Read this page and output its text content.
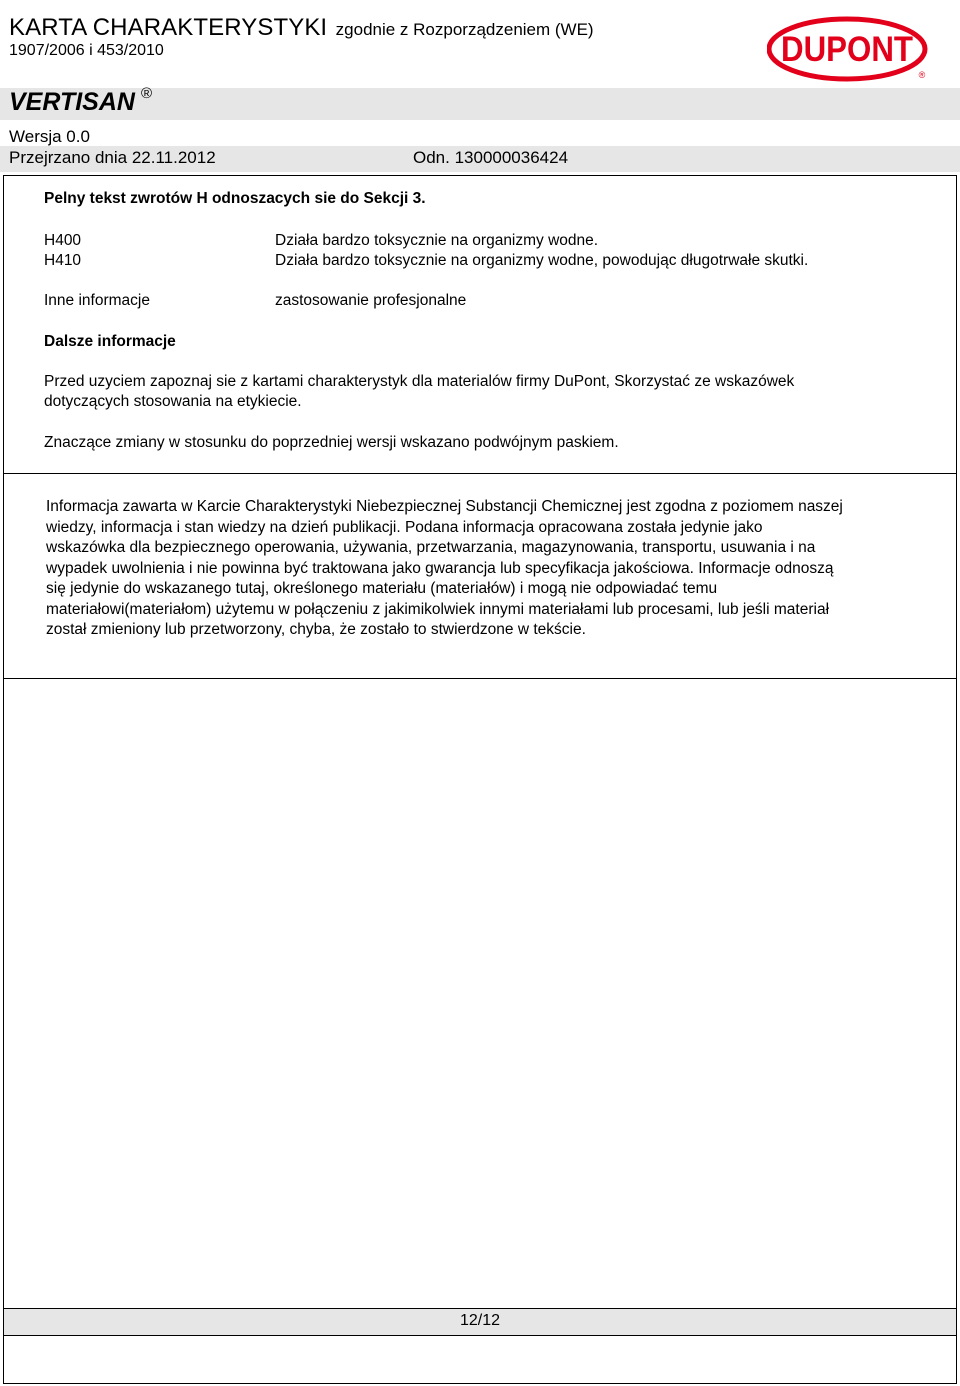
KARTA CHARAKTERYSTYKI zgodnie z Rozporządzeniem (WE)
1907/2006 i 453/2010
VERTISAN ®
Wersja 0.0
Przejrzano dnia 22.11.2012	Odn. 130000036424
DUPONT
®
Pelny tekst zwrotów H odnoszacych sie do Sekcji 3.
H400	Działa bardzo toksycznie na organizmy wodne.
H410	Działa bardzo toksycznie na organizmy wodne, powodując długotrwałe skutki.
Inne informacje	zastosowanie profesjonalne
Dalsze informacje
Przed uzyciem zapoznaj sie z kartami charakterystyk dla materialów firmy DuPont, Skorzystać ze wskazówek
dotyczących stosowania na etykiecie.
Znaczące zmiany w stosunku do poprzedniej wersji wskazano podwójnym paskiem.
Informacja zawarta w Karcie Charakterystyki Niebezpiecznej Substancji Chemicznej jest zgodna z poziomem naszej
wiedzy, informacja i stan wiedzy na dzień publikacji. Podana informacja opracowana została jedynie jako
wskazówka dla bezpiecznego operowania, używania, przetwarzania, magazynowania, transportu, usuwania i na
wypadek uwolnienia i nie powinna być traktowana jako gwarancja lub specyfikacja jakościowa. Informacje odnoszą
się jedynie do wskazanego tutaj, określonego materiału (materiałów) i mogą nie odpowiadać temu
materiałowi(materiałom) użytemu w połączeniu z jakimikolwiek innymi materiałami lub procesami, lub jeśli materiał
został zmieniony lub przetworzony, chyba, że zostało to stwierdzone w tekście.
12/12
